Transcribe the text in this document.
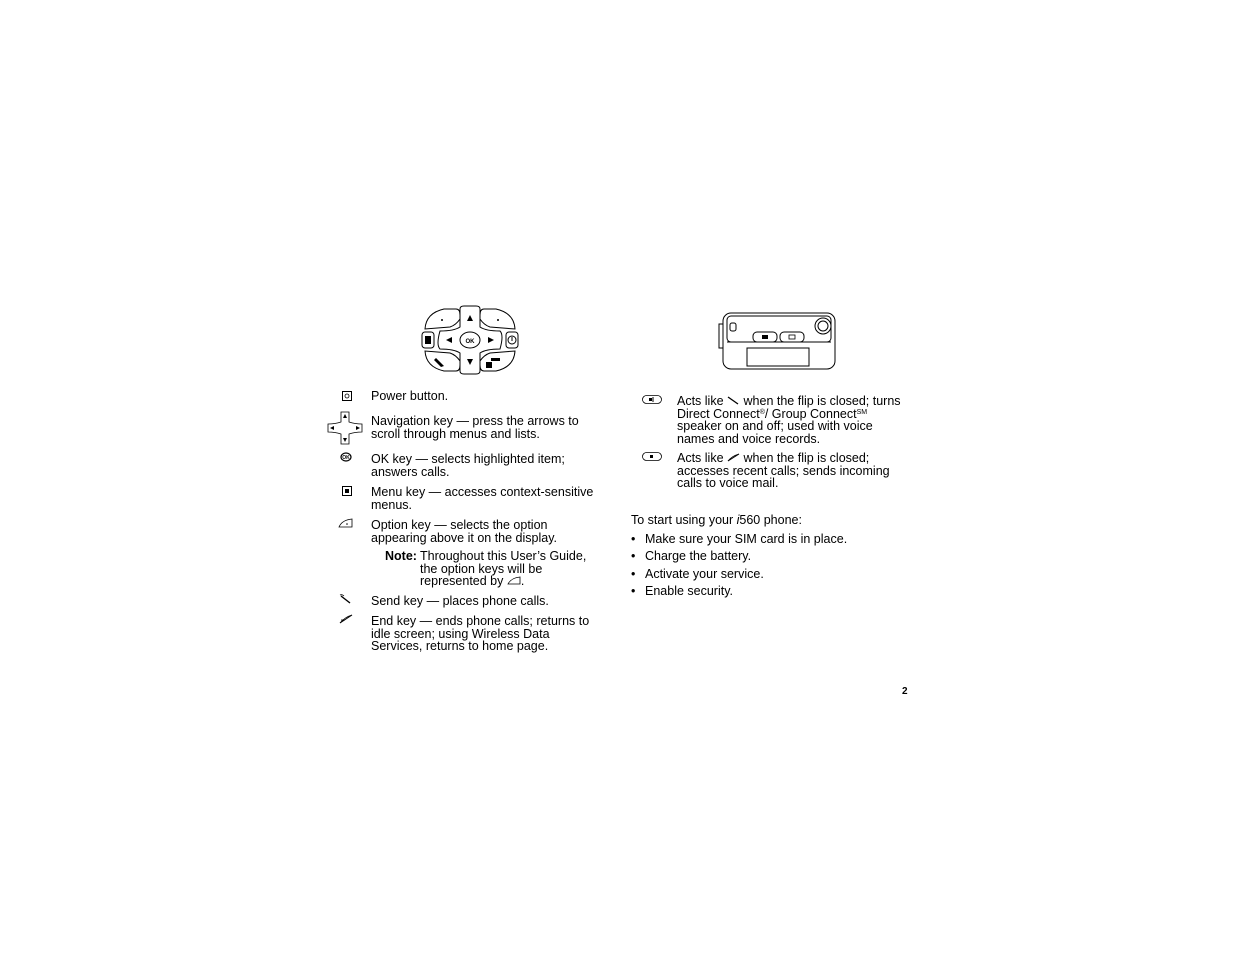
OK
Power button.
Navigation key — press the arrows to scroll through menus and lists.
OK OK key — selects highlighted item; answers calls.
Menu key — accesses context-sensitive menus.
Option key — selects the option appearing above it on the display.
Note: Throughout this User’s Guide, the option keys will be represented by .
Send key — places phone calls.
End key — ends phone calls; returns to idle screen; using Wireless Data Services, returns to home page.
Acts like when the flip is closed; turns Direct Connect®/ Group Connect℠ speaker on and off; used with voice names and voice records.
Acts like when the flip is closed; accesses recent calls; sends incoming calls to voice mail.
To start using your i560 phone:
• Make sure your SIM card is in place.
• Charge the battery.
• Activate your service.
• Enable security.
2
